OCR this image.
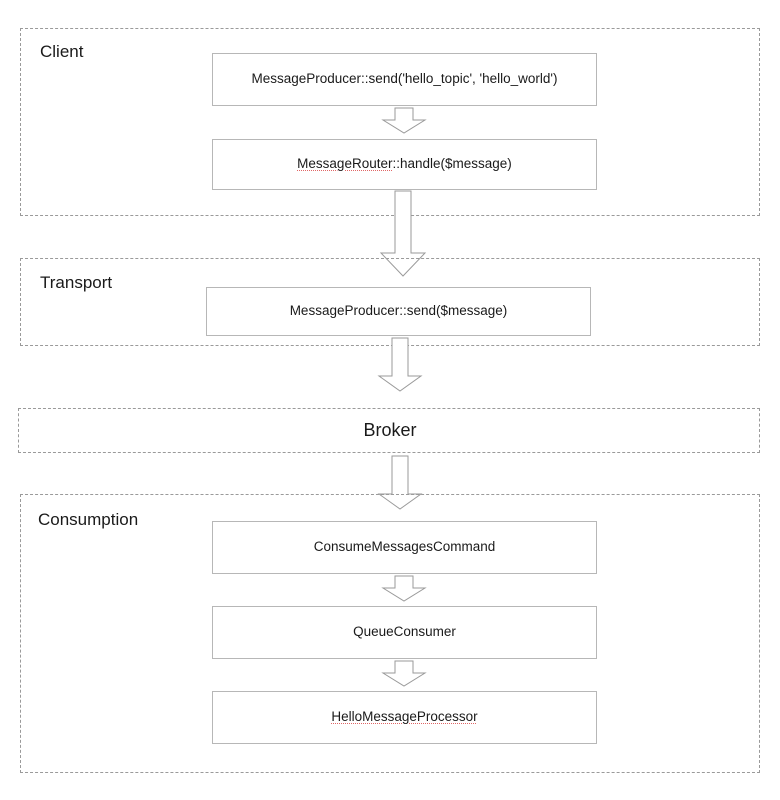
Client
MessageProducer::send('hello_topic', 'hello_world')
MessageRouter::handle($message)
Transport
MessageProducer::send($message)
Broker
Consumption
ConsumeMessagesCommand
QueueConsumer
HelloMessageProcessor
